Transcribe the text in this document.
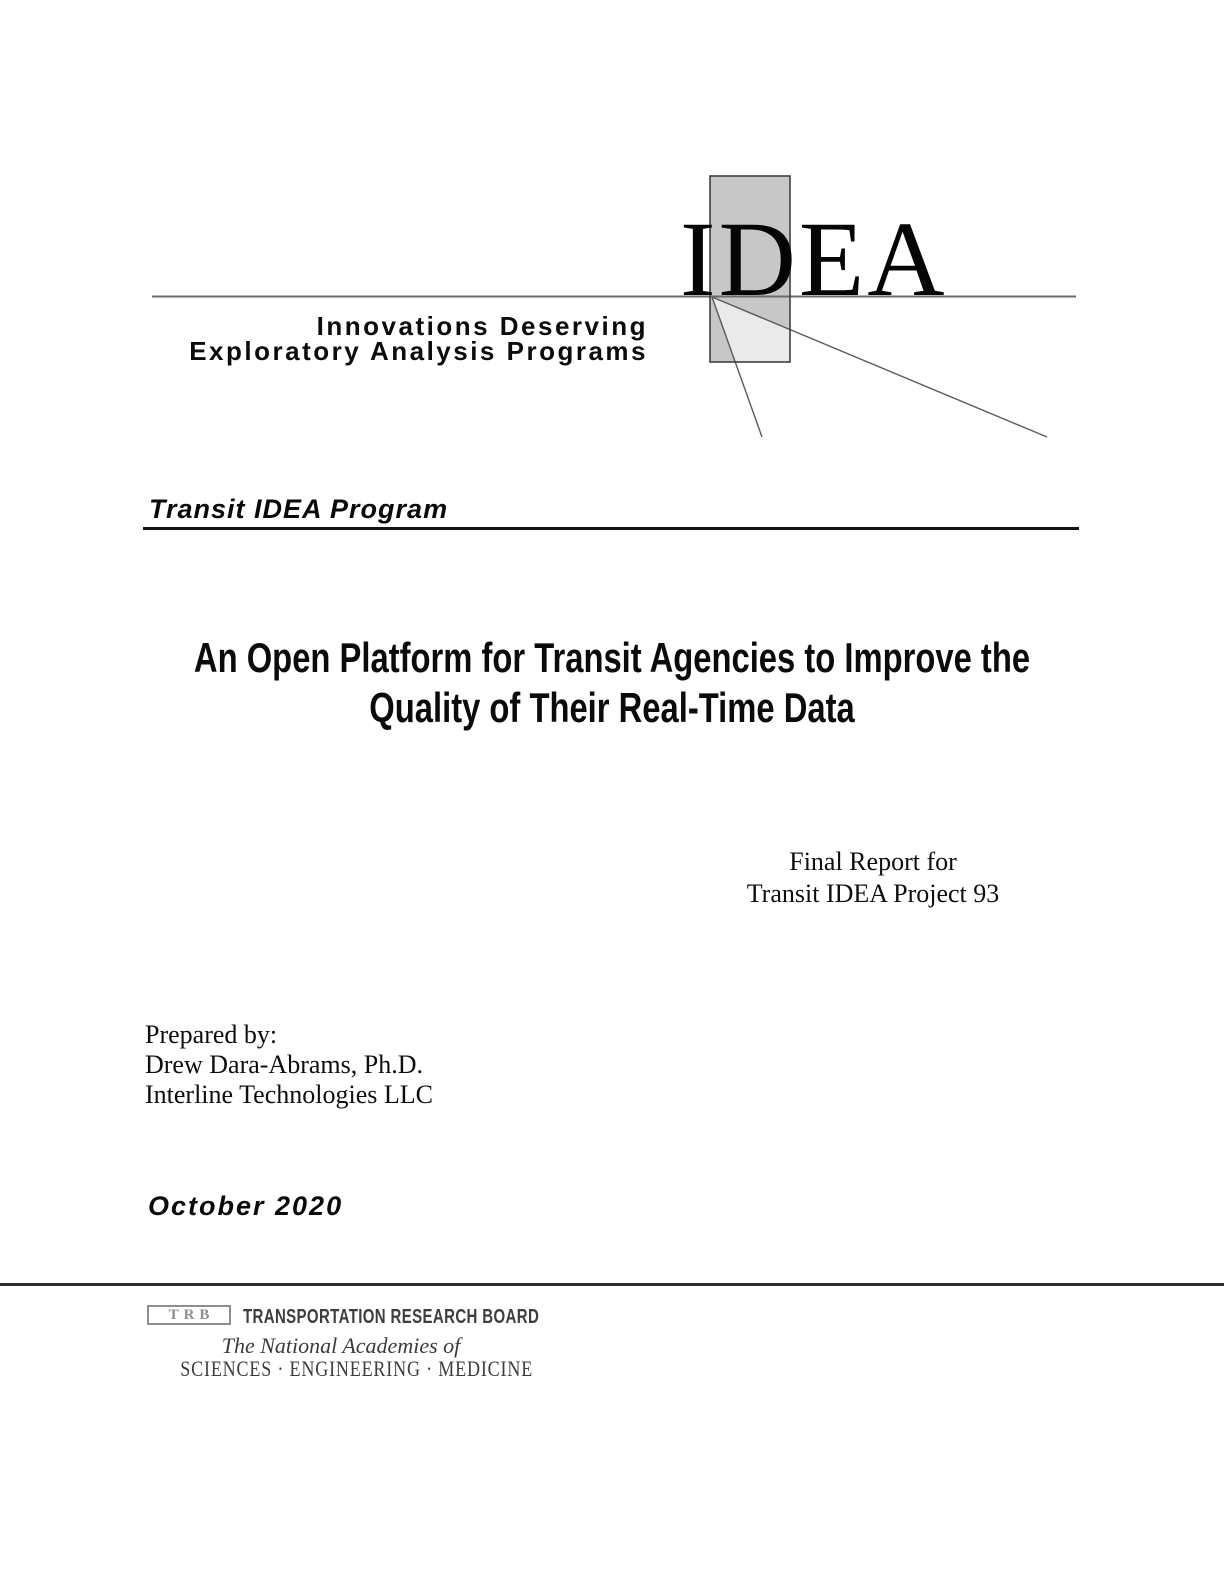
IDEA
Innovations Deserving
Exploratory Analysis Programs
Transit IDEA Program
An Open Platform for Transit Agencies to Improve the
Quality of Their Real-Time Data
Final Report for
Transit IDEA Project 93
Prepared by:
Drew Dara-Abrams, Ph.D.
Interline Technologies LLC
October 2020
TRB	TRANSPORTATION RESEARCH BOARD
The National Academies of
SCIENCES · ENGINEERING · MEDICINE
